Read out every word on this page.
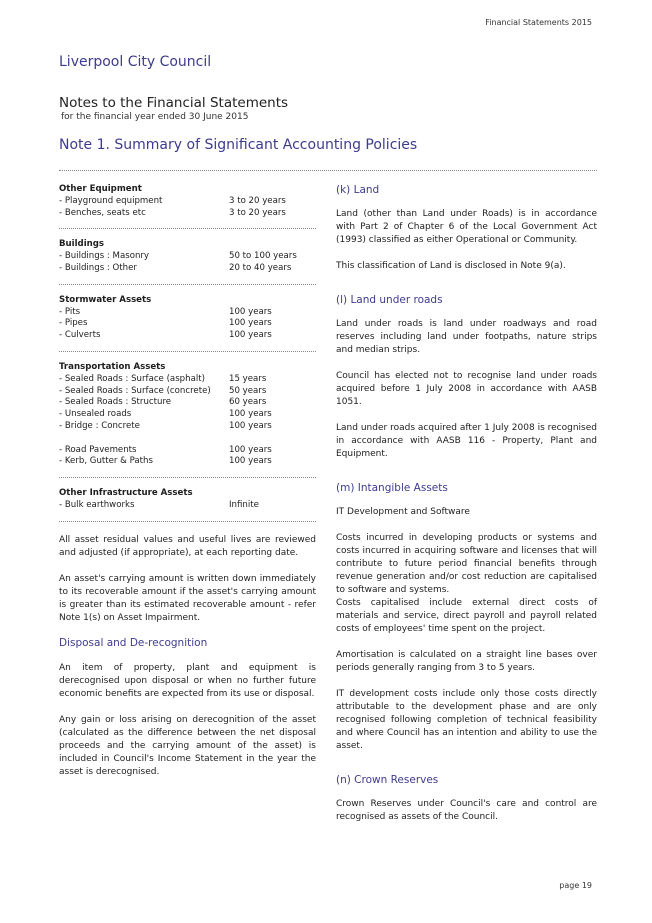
Financial Statements 2015
Liverpool City Council
Notes to the Financial Statements
for the financial year ended 30 June 2015
Note 1. Summary of Significant Accounting Policies
Other Equipment
- Playground equipment	3 to 20 years
- Benches, seats etc	3 to 20 years
Buildings
- Buildings : Masonry	50 to 100 years
- Buildings : Other	20 to 40 years
Stormwater Assets
- Pits	100 years
- Pipes	100 years
- Culverts	100 years
Transportation Assets
- Sealed Roads : Surface (asphalt)	15 years
- Sealed Roads : Surface (concrete)	50 years
- Sealed Roads : Structure	60 years
- Unsealed roads	100 years
- Bridge : Concrete	100 years
- Road Pavements	100 years
- Kerb, Gutter & Paths	100 years
Other Infrastructure Assets
- Bulk earthworks	Infinite

All asset residual values and useful lives are reviewed and adjusted (if appropriate), at each reporting date.

An asset's carrying amount is written down immediately to its recoverable amount if the asset's carrying amount is greater than its estimated recoverable amount - refer Note 1(s) on Asset Impairment.

Disposal and De-recognition

An item of property, plant and equipment is derecognised upon disposal or when no further future economic benefits are expected from its use or disposal.

Any gain or loss arising on derecognition of the asset (calculated as the difference between the net disposal proceeds and the carrying amount of the asset) is included in Council's Income Statement in the year the asset is derecognised.

(k) Land

Land (other than Land under Roads) is in accordance with Part 2 of Chapter 6 of the Local Government Act (1993) classified as either Operational or Community.

This classification of Land is disclosed in Note 9(a).

(l) Land under roads

Land under roads is land under roadways and road reserves including land under footpaths, nature strips and median strips.

Council has elected not to recognise land under roads acquired before 1 July 2008 in accordance with AASB 1051.

Land under roads acquired after 1 July 2008 is recognised in accordance with AASB 116 - Property, Plant and Equipment.

(m) Intangible Assets

IT Development and Software

Costs incurred in developing products or systems and costs incurred in acquiring software and licenses that will contribute to future period financial benefits through revenue generation and/or cost reduction are capitalised to software and systems.

Costs capitalised include external direct costs of materials and service, direct payroll and payroll related costs of employees' time spent on the project.

Amortisation is calculated on a straight line bases over periods generally ranging from 3 to 5 years.

IT development costs include only those costs directly attributable to the development phase and are only recognised following completion of technical feasibility and where Council has an intention and ability to use the asset.

(n) Crown Reserves

Crown Reserves under Council's care and control are recognised as assets of the Council.

page 19
